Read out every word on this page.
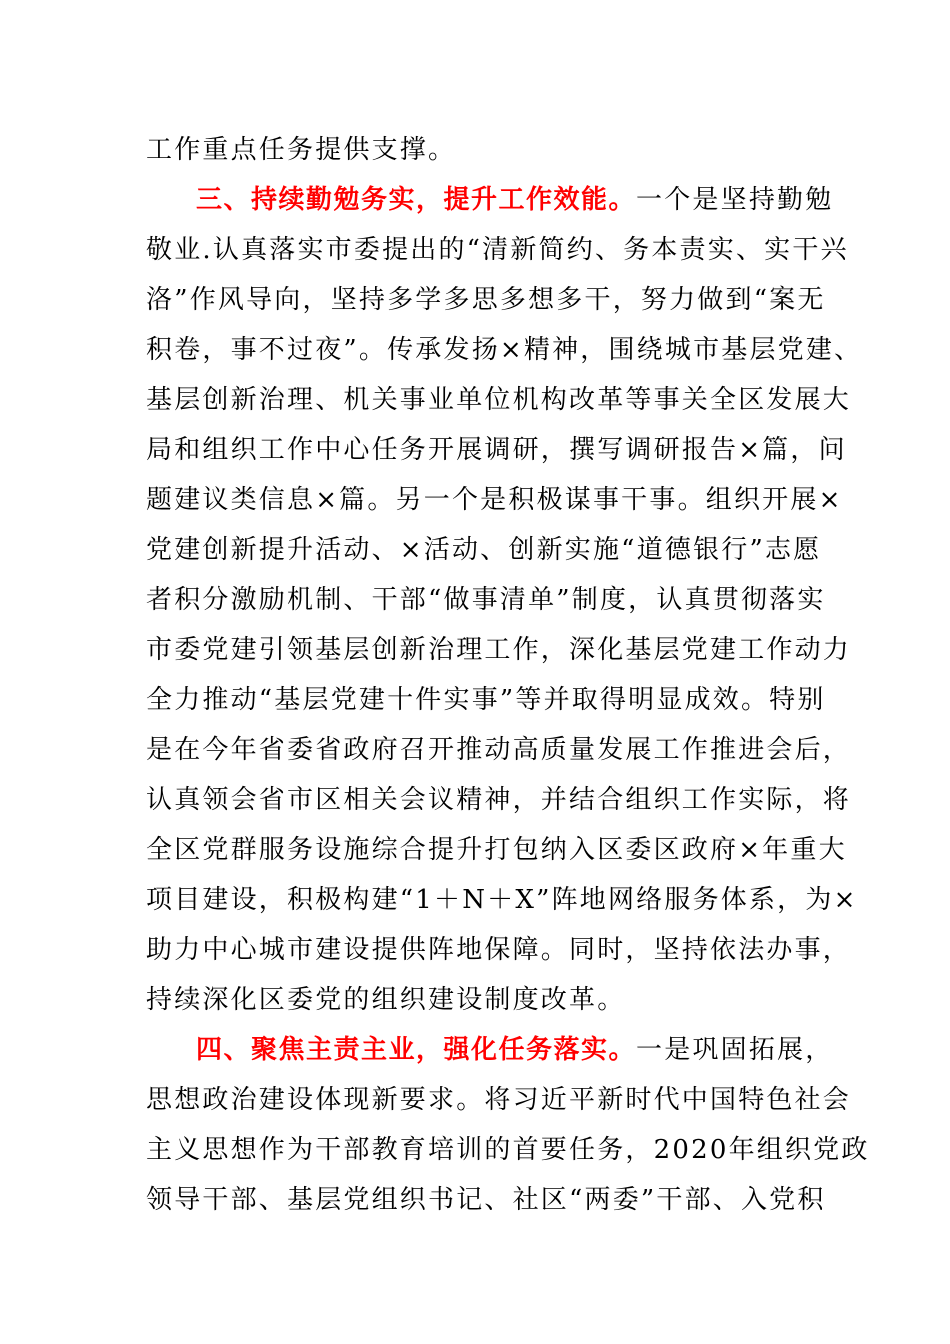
工作重点任务提供支撑。
三、持续勤勉务实，提升工作效能。一个是坚持勤勉
敬业.认真落实市委提出的“清新简约、务本责实、实干兴
洛”作风导向，坚持多学多思多想多干，努力做到“案无
积卷，事不过夜”。传承发扬×精神，围绕城市基层党建、
基层创新治理、机关事业单位机构改革等事关全区发展大
局和组织工作中心任务开展调研，撰写调研报告×篇，问
题建议类信息×篇。另一个是积极谋事干事。组织开展×
党建创新提升活动、×活动、创新实施“道德银行”志愿
者积分激励机制、干部“做事清单”制度，认真贯彻落实
市委党建引领基层创新治理工作，深化基层党建工作动力
全力推动“基层党建十件实事”等并取得明显成效。特别
是在今年省委省政府召开推动高质量发展工作推进会后，
认真领会省市区相关会议精神，并结合组织工作实际，将
全区党群服务设施综合提升打包纳入区委区政府×年重大
项目建设，积极构建“1＋N＋X”阵地网络服务体系，为×
助力中心城市建设提供阵地保障。同时，坚持依法办事，
持续深化区委党的组织建设制度改革。
四、聚焦主责主业，强化任务落实。一是巩固拓展，
思想政治建设体现新要求。将习近平新时代中国特色社会
主义思想作为干部教育培训的首要任务，2020年组织党政
领导干部、基层党组织书记、社区“两委”干部、入党积
